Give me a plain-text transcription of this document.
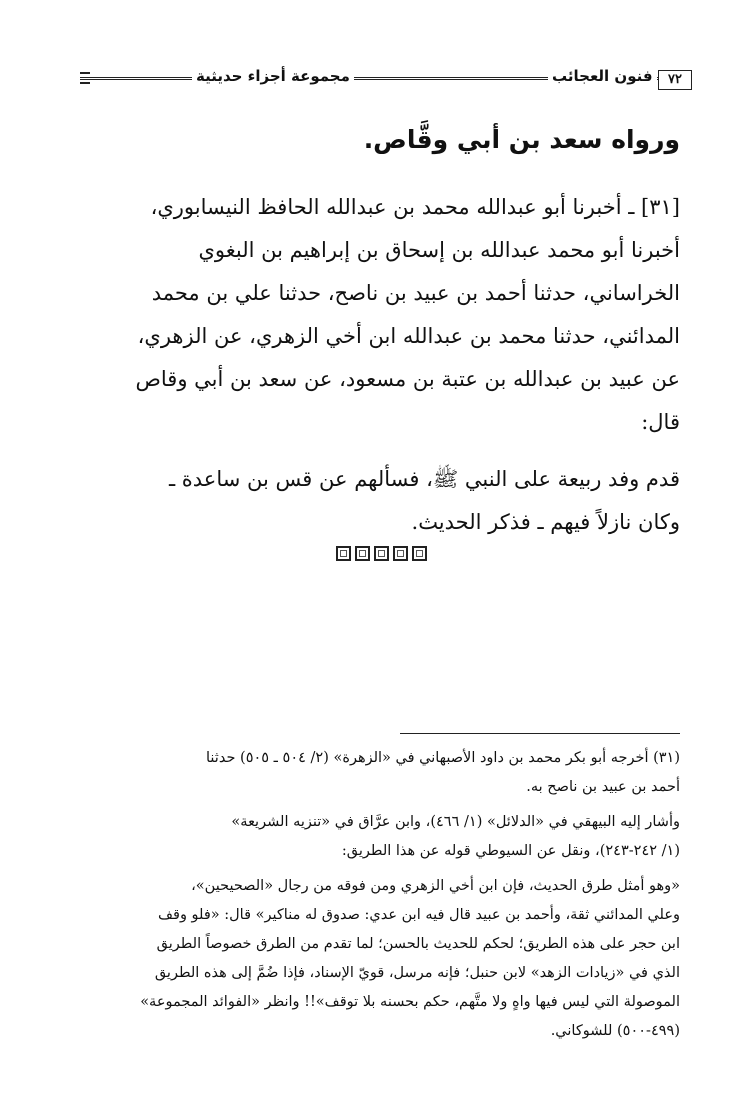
مجموعة أجزاء حديثية	فنون العجائب	٧٢
ورواه سعد بن أبي وقَّاص.

[٣١] ـ أخبرنا أبو عبدالله محمد بن عبدالله الحافظ النيسابوري،

أخبرنا أبو محمد عبدالله بن إسحاق بن إبراهيم بن البغوي

الخراساني، حدثنا أحمد بن عبيد بن ناصح، حدثنا علي بن محمد

المدائني، حدثنا محمد بن عبدالله ابن أخي الزهري، عن الزهري،

عن عبيد بن عبدالله بن عتبة بن مسعود، عن سعد بن أبي وقاص

قال:

قدم وفد ربيعة على النبي ﷺ، فسألهم عن قس بن ساعدة ـ

وكان نازلاً فيهم ـ فذكر الحديث.

(٣١) أخرجه أبو بكر محمد بن داود الأصبهاني في «الزهرة» (٢/ ٥٠٤ ـ ٥٠٥) حدثنا

أحمد بن عبيد بن ناصح به.

وأشار إليه البيهقي في «الدلائل» (١/ ٤٦٦)، وابن عرَّاق في «تنزيه الشريعة»

(١/ ٢٤٢-٢٤٣)، ونقل عن السيوطي قوله عن هذا الطريق:

«وهو أمثل طرق الحديث، فإن ابن أخي الزهري ومن فوقه من رجال «الصحيحين»،

وعلي المدائني ثقة، وأحمد بن عبيد قال فيه ابن عدي: صدوق له مناكير» قال: «فلو وقف

ابن حجر على هذه الطريق؛ لحكم للحديث بالحسن؛ لما تقدم من الطرق خصوصاً الطريق

الذي في «زيادات الزهد» لابن حنبل؛ فإنه مرسل، قويّ الإسناد، فإذا ضُمَّ إلى هذه الطريق

الموصولة التي ليس فيها واهٍ ولا متَّهم، حكم بحسنه بلا توقف»!! وانظر «الفوائد المجموعة»

(٤٩٩-٥٠٠) للشوكاني.
